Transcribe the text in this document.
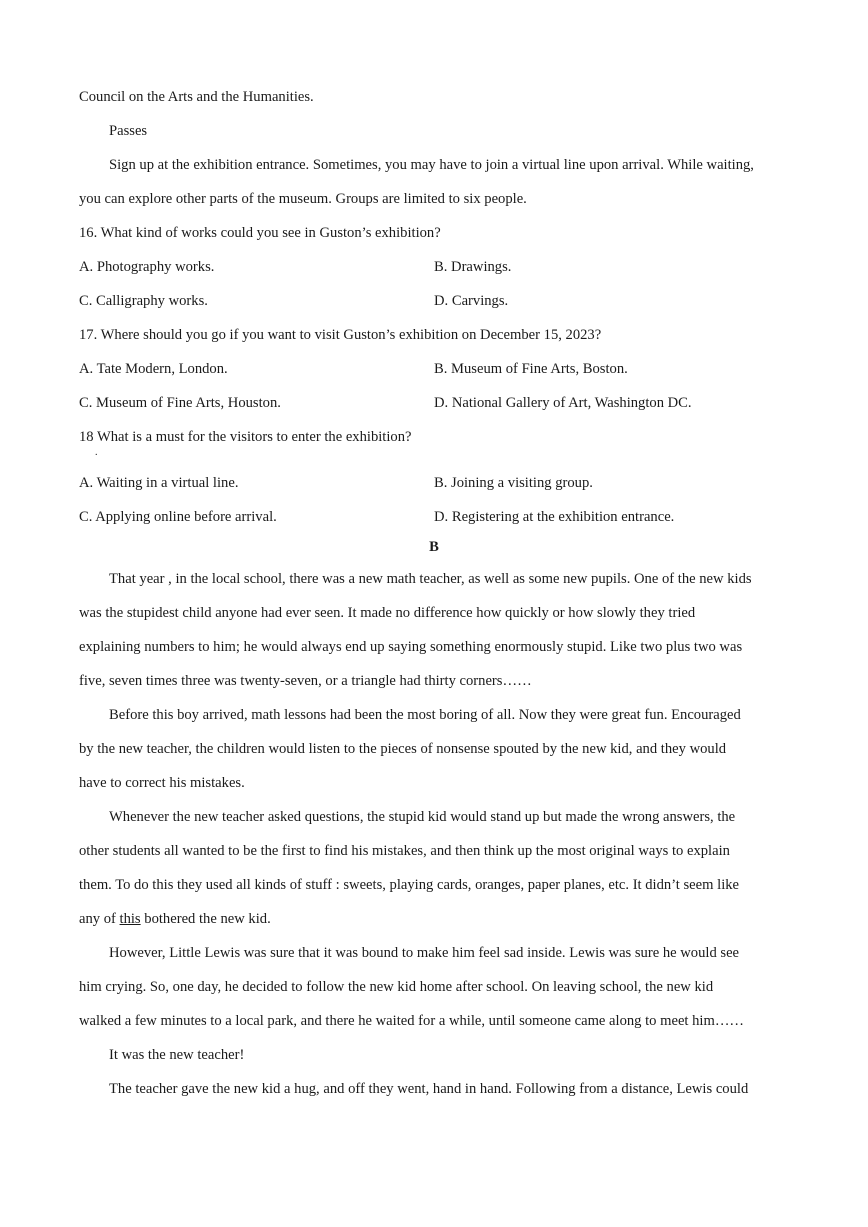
Council on the Arts and the Humanities.
Passes
Sign up at the exhibition entrance. Sometimes, you may have to join a virtual line upon arrival. While waiting,
you can explore other parts of the museum. Groups are limited to six people.
16. What kind of works could you see in Guston’s exhibition?
A. Photography works.	B. Drawings.
C. Calligraphy works.	D. Carvings.
17. Where should you go if you want to visit Guston’s exhibition on December 15, 2023?
A. Tate Modern, London.	B. Museum of Fine Arts, Boston.
C. Museum of Fine Arts, Houston.	D. National Gallery of Art, Washington DC.
18 What is a must for the visitors to enter the exhibition?
.
A. Waiting in a virtual line.	B. Joining a visiting group.
C. Applying online before arrival.	D. Registering at the exhibition entrance.
B
That year , in the local school, there was a new math teacher, as well as some new pupils. One of the new kids
was the stupidest child anyone had ever seen. It made no difference how quickly or how slowly they tried
explaining numbers to him; he would always end up saying something enormously stupid. Like two plus two was
five, seven times three was twenty-seven, or a triangle had thirty corners……
Before this boy arrived, math lessons had been the most boring of all. Now they were great fun. Encouraged
by the new teacher, the children would listen to the pieces of nonsense spouted by the new kid, and they would
have to correct his mistakes.
Whenever the new teacher asked questions, the stupid kid would stand up but made the wrong answers, the
other students all wanted to be the first to find his mistakes, and then think up the most original ways to explain
them. To do this they used all kinds of stuff : sweets, playing cards, oranges, paper planes, etc. It didn’t seem like
any of this bothered the new kid.
However, Little Lewis was sure that it was bound to make him feel sad inside. Lewis was sure he would see
him crying. So, one day, he decided to follow the new kid home after school. On leaving school, the new kid
walked a few minutes to a local park, and there he waited for a while, until someone came along to meet him……
It was the new teacher!
The teacher gave the new kid a hug, and off they went, hand in hand. Following from a distance, Lewis could
